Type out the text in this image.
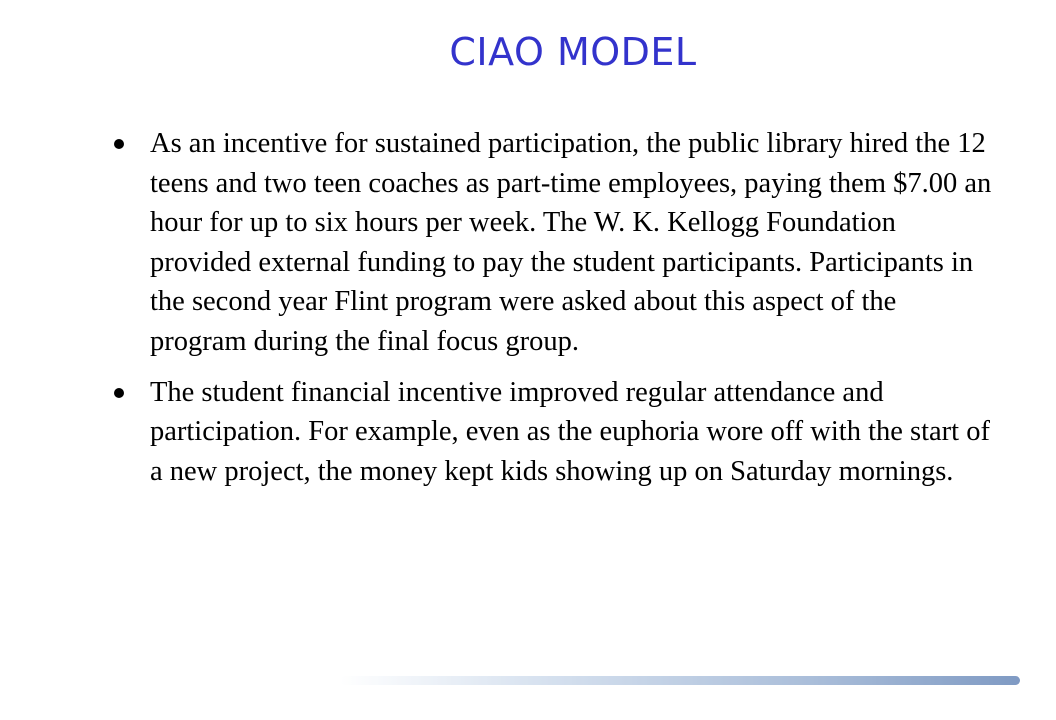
CIAO MODEL
As an incentive for sustained participation, the public library hired the 12 teens and two teen coaches as part-time employees, paying them $7.00 an hour for up to six hours per week. The W. K. Kellogg Foundation provided external funding to pay the student participants. Participants in the second year Flint program were asked about this aspect of the program during the final focus group.
The student financial incentive improved regular attendance and participation. For example, even as the euphoria wore off with the start of a new project, the money kept kids showing up on Saturday mornings.
